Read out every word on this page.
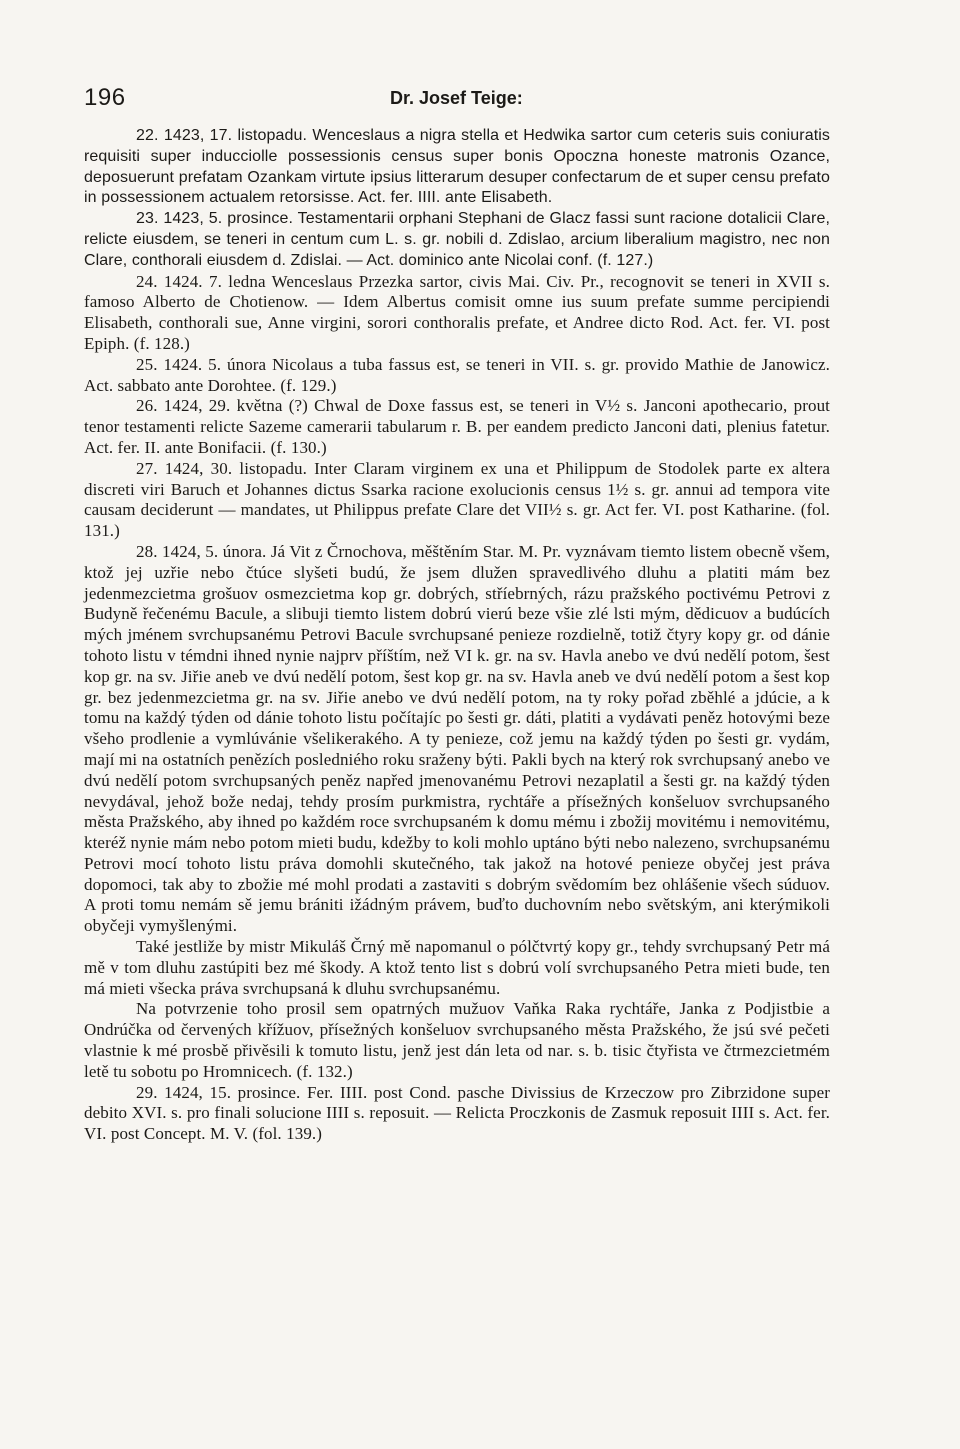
196	Dr. Josef Teige:

22. 1423, 17. listopadu. Wenceslaus a nigra stella et Hedwika sartor cum ceteris suis coniuratis requisiti super inducciolle possessionis census super bonis Opoczna honeste matronis Ozance, deposuerunt prefatam Ozankam virtute ipsius litterarum desuper confectarum de et super censu prefato in possessionem actualem retorsisse. Act. fer. IIII. ante Elisabeth.

23. 1423, 5. prosince. Testamentarii orphani Stephani de Glacz fassi sunt racione dotalicii Clare, relicte eiusdem, se teneri in centum cum L. s. gr. nobili d. Zdislao, arcium liberalium magistro, nec non Clare, conthorali eiusdem d. Zdislai. — Act. dominico ante Nicolai conf. (f. 127.)

24. 1424. 7. ledna Wenceslaus Przezka sartor, civis Mai. Civ. Pr., recognovit se teneri in XVII s. famoso Alberto de Chotienow. — Idem Albertus comisit omne ius suum prefate summe percipiendi Elisabeth, conthorali sue, Anne virgini, sorori conthoralis prefate, et Andree dicto Rod. Act. fer. VI. post Epiph. (f. 128.)

25. 1424. 5. února Nicolaus a tuba fassus est, se teneri in VII. s. gr. provido Mathie de Janowicz. Act. sabbato ante Dorohtee. (f. 129.)

26. 1424, 29. května (?) Chwal de Doxe fassus est, se teneri in V½ s. Janconi apothecario, prout tenor testamenti relicte Sazeme camerarii tabularum r. B. per eandem predicto Janconi dati, plenius fatetur. Act. fer. II. ante Bonifacii. (f. 130.)

27. 1424, 30. listopadu. Inter Claram virginem ex una et Philippum de Stodolek parte ex altera discreti viri Baruch et Johannes dictus Ssarka racione exolucionis census 1½ s. gr. annui ad tempora vite causam deciderunt — mandates, ut Philippus prefate Clare det VII½ s. gr. Act fer. VI. post Katharine. (fol. 131.)

28. 1424, 5. února. Já Vit z Črnochova, měštěním Star. M. Pr. vyznávam tiemto listem obecně všem, ktož jej uzřie nebo čtúce slyšeti budú, že jsem dlužen spravedlivého dluhu a platiti mám bez jedenmezcietma grošuov osmezcietma kop gr. dobrých, stříebrných, rázu pražského poctivému Petrovi z Budyně řečenému Bacule, a slibuji tiemto listem dobrú vierú beze všie zlé lsti mým, dědicuov a budúcích mých jménem svrchupsanému Petrovi Bacule svrchupsané peniezе rozdielně, totiž čtyry kopy gr. od dánie tohoto listu v témdni ihned nynie najprv příštím, než VI k. gr. na sv. Havla anebo ve dvú nedělí potom, šest kop gr. na sv. Jiřie aneb ve dvú nedělí potom, šest kop gr. na sv. Havla aneb ve dvú nedělí potom a šest kop gr. bez jedenmezcietma gr. na sv. Jiřie anebo ve dvú nedělí potom, na ty roky pořad zběhlé a jdúcie, a k tomu na každý týden od dánie tohoto listu počítajíc po šesti gr. dáti, platiti a vydávati peněz hotovými beze všeho prodlenie a vymlúvánie všelikerakého. A ty penieze, což jemu na každý týden po šesti gr. vydám, mají mi na ostatních penězích posledniého roku sraženy býti. Pakli bych na který rok svrchupsaný anebo ve dvú nedělí potom svrchupsaných peněz napřed jmenovanému Petrovi nezaplatil a šesti gr. na každý týden nevydával, jehož bože nedaj, tehdy prosím purkmistra, rychtáře a přísežných konšeluov svrchupsaného města Pražského, aby ihned po každém roce svrchupsaném k domu mému i zbožij movitému i nemovitému, kteréž nynie mám nebo potom mieti budu, kdežby to koli mohlo uptáno býti nebo nalezeno, svrchupsanému Petrovi mocí tohoto listu práva domohli skutečného, tak jakož na hotové peniezе obyčej jest práva dopomoci, tak aby to zbožie mé mohl prodati a zastaviti s dobrým svědomím bez ohlášenie všech súduov. A proti tomu nemám sě jemu brániti ižádným právem, buďto duchovním nebo světským, ani kterýmikoli obyčeji vymyšlenými.

Také jestliže by mistr Mikuláš Črný mě napomanul o pólčtvrtý kopy gr., tehdy svrchupsaný Petr má mě v tom dluhu zastúpiti bez mé škody. A ktož tento list s dobrú volí svrchupsaného Petra mieti bude, ten má mieti všecka práva svrchupsaná k dluhu svrchupsanému.

Na potvrzenie toho prosil sem opatrných mužuov Vaňka Raka rychtáře, Janka z Podjistbie a Ondrúčka od červených křížuov, přísežných konšeluov svrchupsaného města Pražského, že jsú své pečeti vlastnie k mé prosbě přivěsili k tomuto listu, jenž jest dán leta od nar. s. b. tisic čtyřista ve čtrmezcietmém letě tu sobotu po Hromnicech. (f. 132.)

29. 1424, 15. prosince. Fer. IIII. post Cond. pasche Divissius de Krzeczow pro Zibrzidone super debito XVI. s. pro finali solucione IIII s. reposuit. — Relicta Proczkonis de Zasmuk reposuit IIII s. Act. fer. VI. post Concept. M. V. (fol. 139.)
